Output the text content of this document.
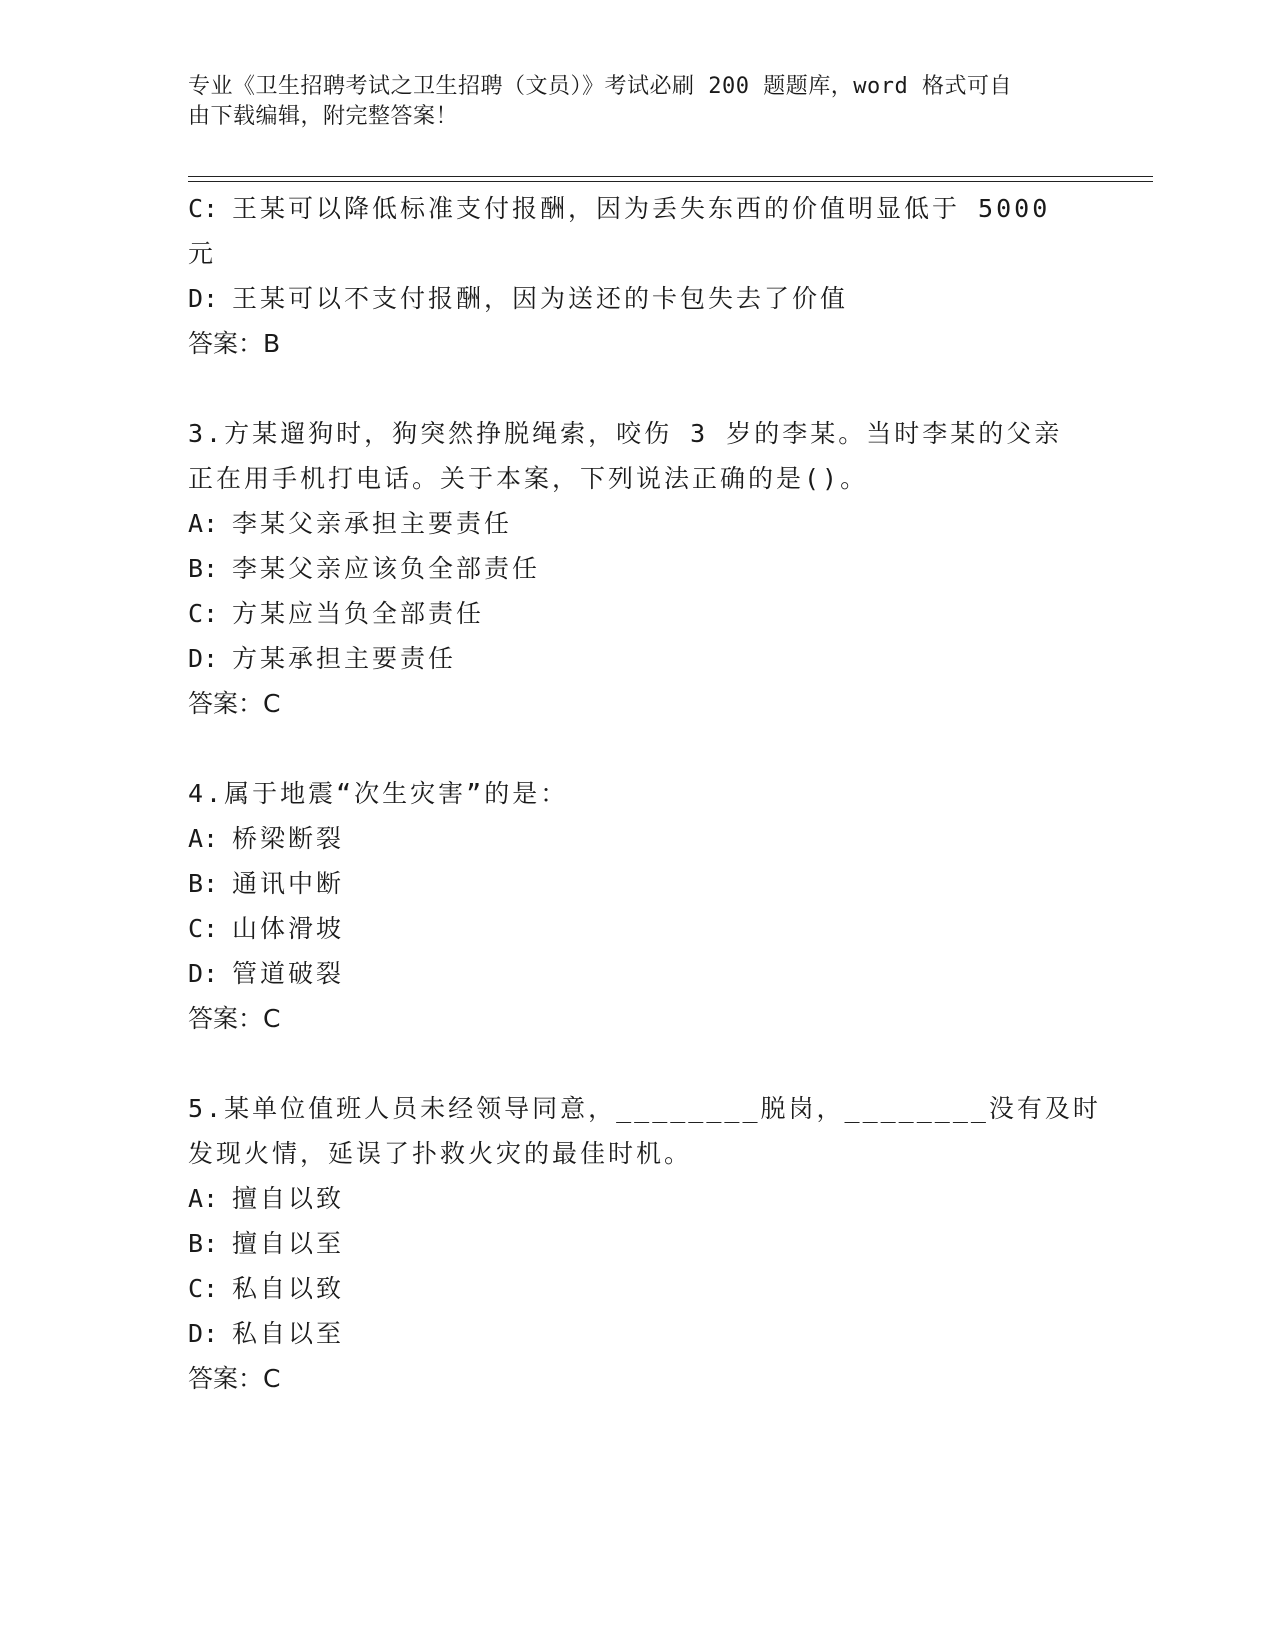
专业《卫生招聘考试之卫生招聘（文员）》考试必刷 200 题题库，word 格式可自
由下载编辑，附完整答案！
C: 王某可以降低标准支付报酬，因为丢失东西的价值明显低于 5000
元
D: 王某可以不支付报酬，因为送还的卡包失去了价值
答案：B
3.方某遛狗时，狗突然挣脱绳索，咬伤 3 岁的李某。当时李某的父亲
正在用手机打电话。关于本案，下列说法正确的是()。
A: 李某父亲承担主要责任
B: 李某父亲应该负全部责任
C: 方某应当负全部责任
D: 方某承担主要责任
答案：C
4.属于地震“次生灾害”的是：
A: 桥梁断裂
B: 通讯中断
C: 山体滑坡
D: 管道破裂
答案：C
5.某单位值班人员未经领导同意，________脱岗，________没有及时
发现火情，延误了扑救火灾的最佳时机。
A: 擅自以致
B: 擅自以至
C: 私自以致
D: 私自以至
答案：C
